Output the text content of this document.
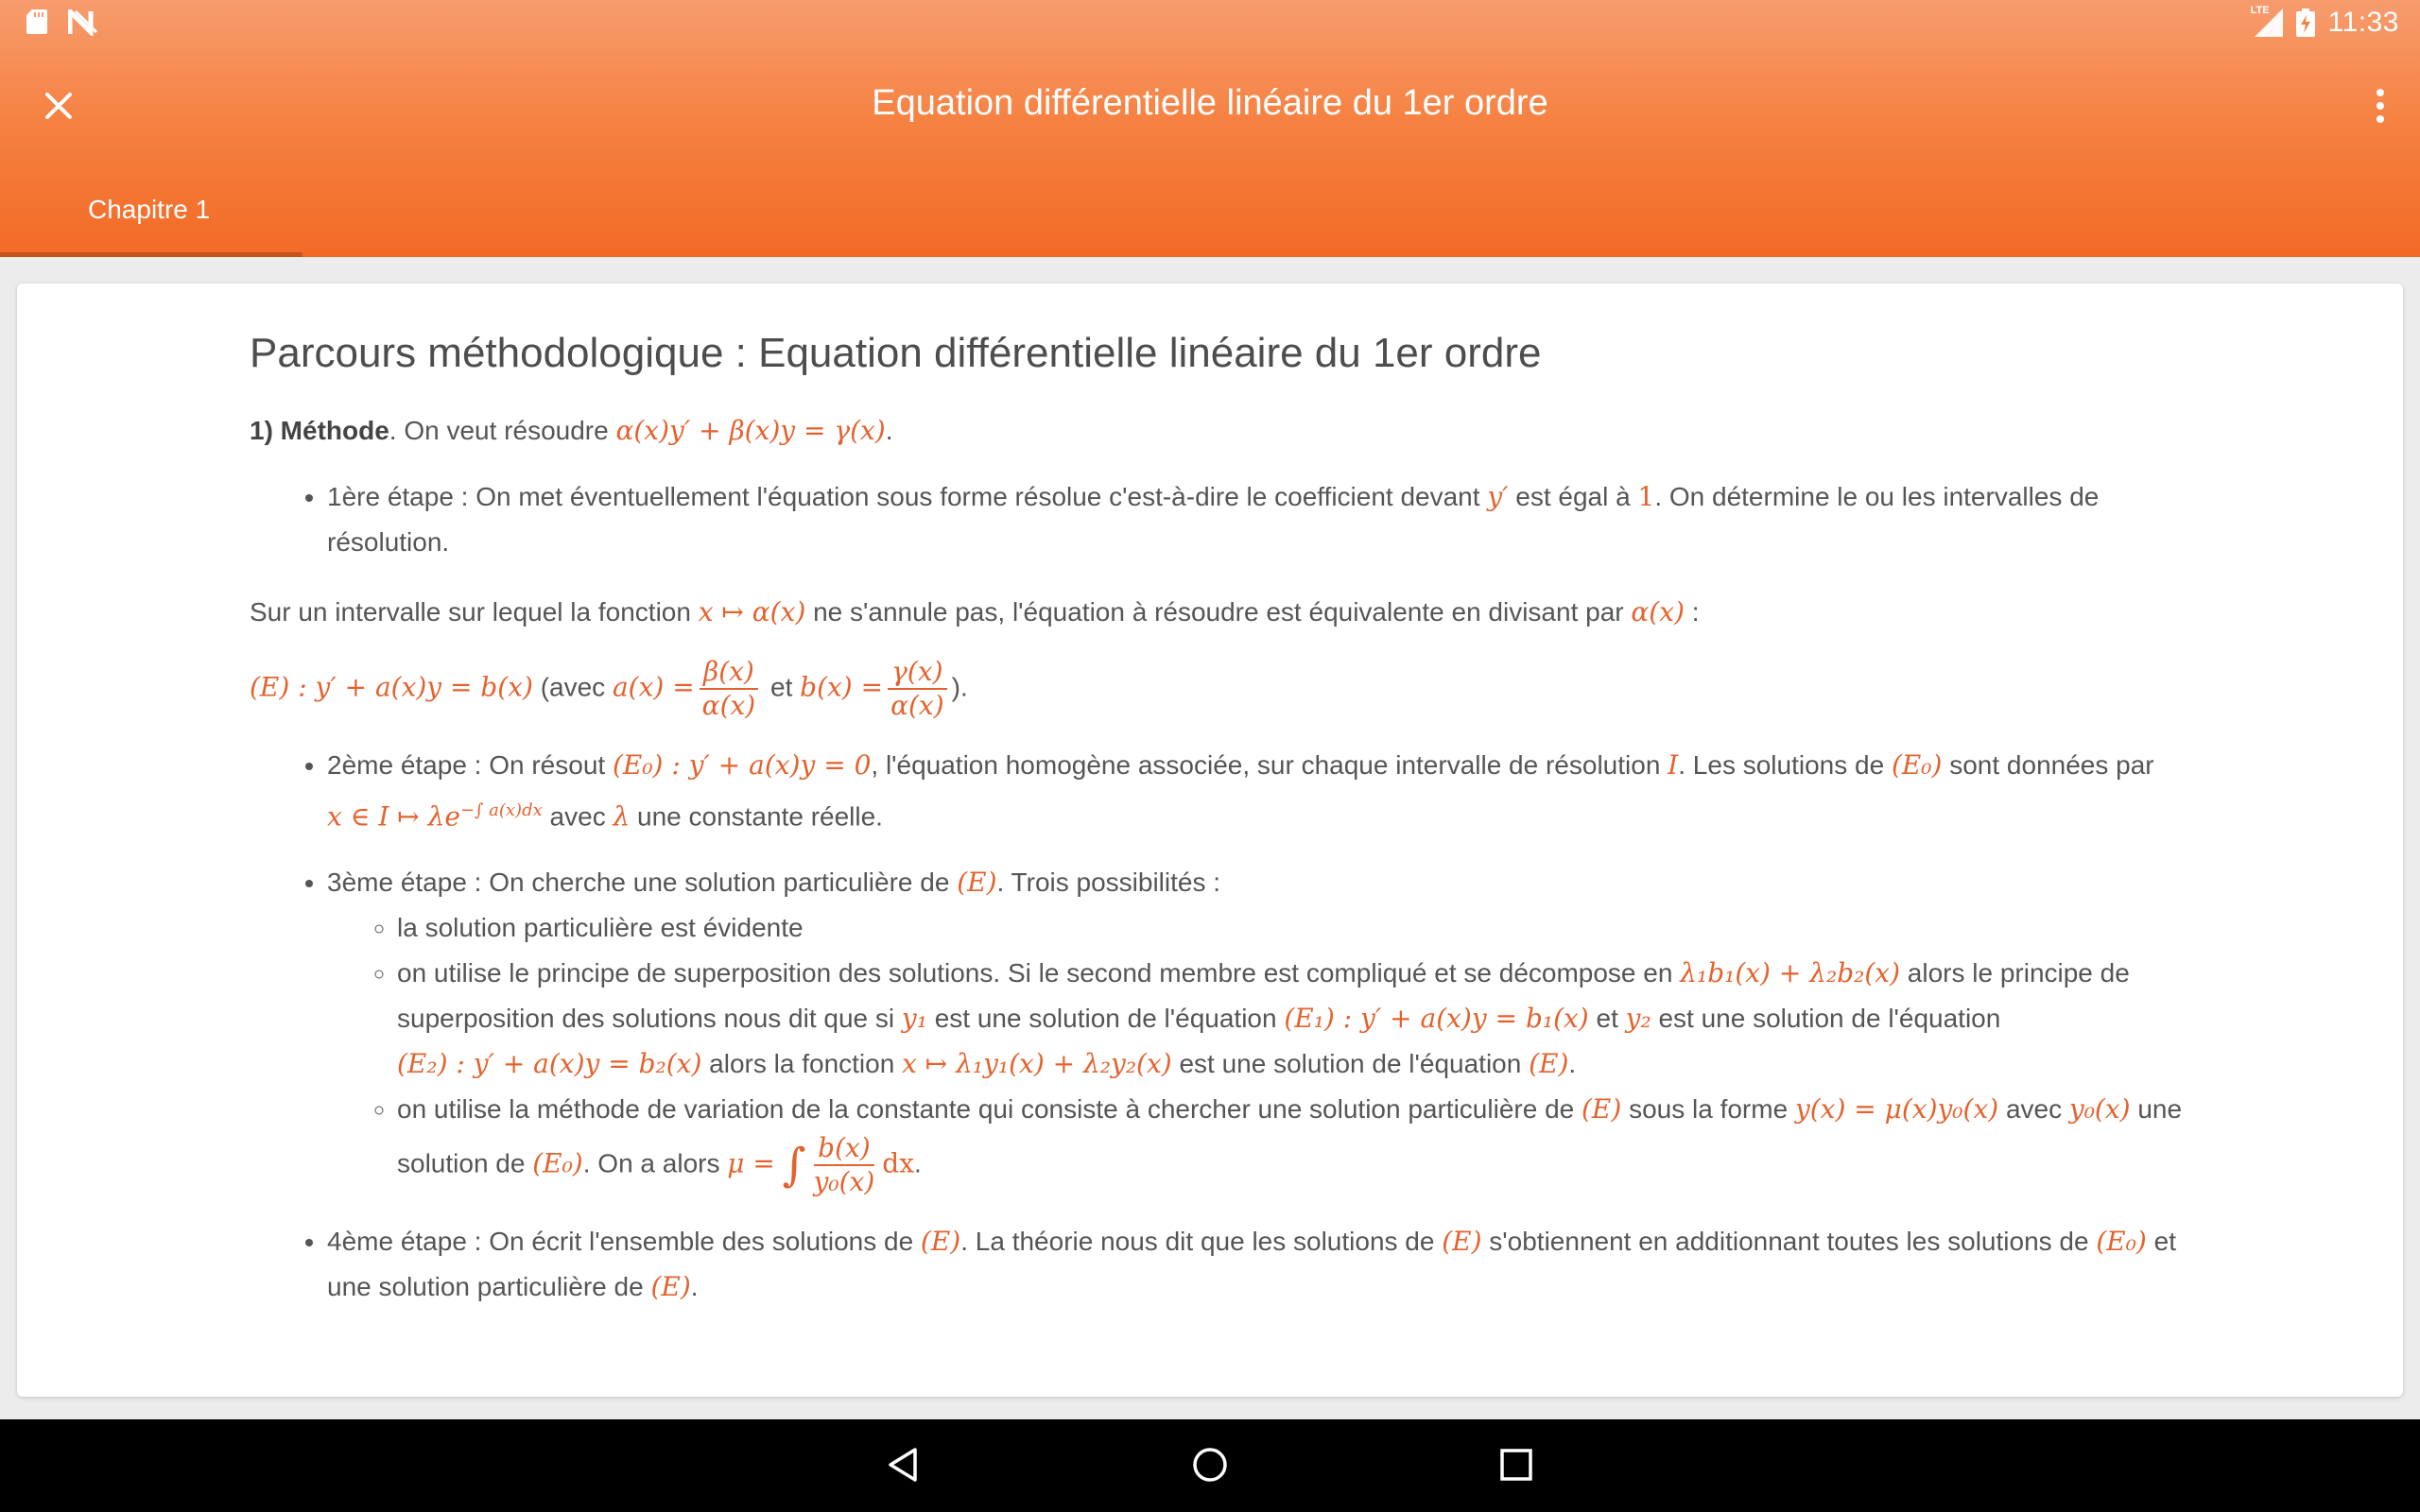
LTE 11:33
Equation différentielle linéaire du 1er ordre
Chapitre 1
Parcours méthodologique : Equation différentielle linéaire du 1er ordre

1) Méthode. On veut résoudre α(x)y′ + β(x)y = γ(x).

• 1ère étape : On met éventuellement l'équation sous forme résolue c'est-à-dire le coefficient devant y′ est égal à 1. On détermine le ou les intervalles de résolution.

Sur un intervalle sur lequel la fonction x ↦ α(x) ne s'annule pas, l'équation à résoudre est équivalente en divisant par α(x) :

(E) : y′ + a(x)y = b(x) (avec $a(x) = \frac{\beta(x)}{\alpha(x)}$ et $b(x) = \frac{\gamma(x)}{\alpha(x)}$ ).

• 2ème étape : On résout (E₀) : y′ + a(x)y = 0, l'équation homogène associée, sur chaque intervalle de résolution I. Les solutions de (E₀) sont données par x ∈ I ↦ $\lambda e^{-\int a(x)dx}$ avec λ une constante réelle.
• 3ème étape : On cherche une solution particulière de (E). Trois possibilités :
◦ la solution particulière est évidente
◦ on utilise le principe de superposition des solutions. Si le second membre est compliqué et se décompose en λ₁b₁(x) + λ₂b₂(x) alors le principe de superposition des solutions nous dit que si y₁ est une solution de l'équation (E₁) : y′ + a(x)y = b₁(x) et y₂ est une solution de l'équation (E₂) : y′ + a(x)y = b₂(x) alors la fonction x ↦ λ₁y₁(x) + λ₂y₂(x) est une solution de l'équation (E).
◦ on utilise la méthode de variation de la constante qui consiste à chercher une solution particulière de (E) sous la forme y(x) = μ(x)y₀(x) avec y₀(x) une solution de (E₀). On a alors μ = ∫ $\frac{b(x)}{\text{y₀(x)}}$ dx.
• 4ème étape : On écrit l'ensemble des solutions de (E). La théorie nous dit que les solutions de (E) s'obtiennent en additionnant toutes les solutions de (E₀) et une solution particulière de (E).
